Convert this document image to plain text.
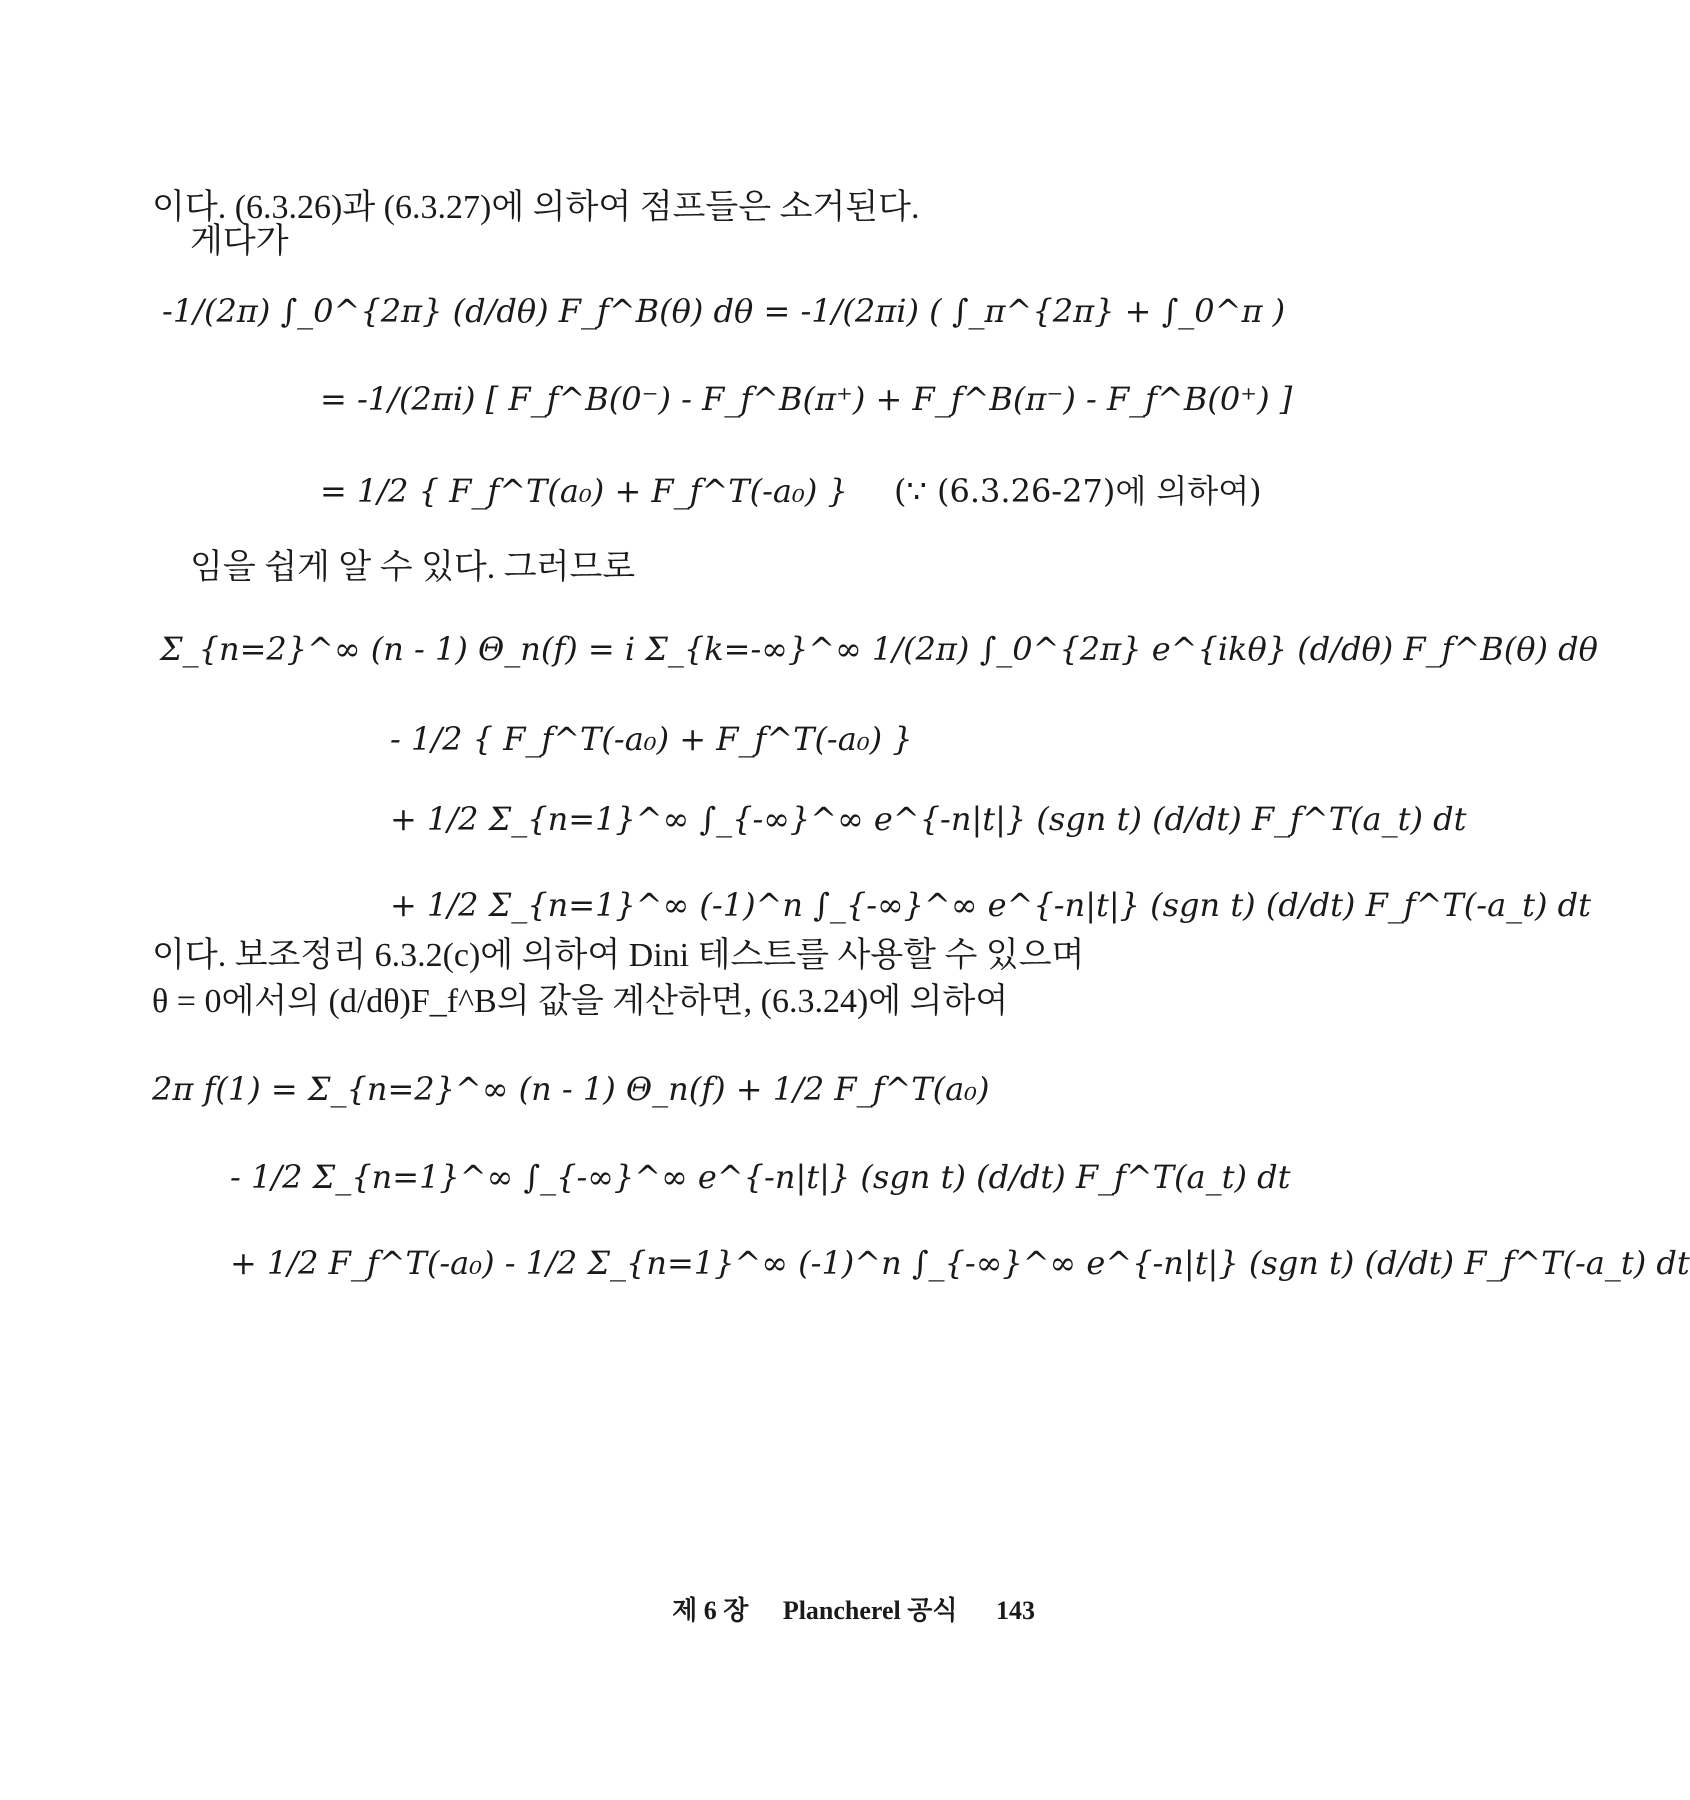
이다. (6.3.26)과 (6.3.27)에 의하여 점프들은 소거된다.
게다가
-1/(2π) ∫_0^{2π} (d/dθ) F_f^B(θ) dθ = -1/(2πi) ( ∫_π^{2π} + ∫_0^π )
= -1/(2πi) [ F_f^B(0⁻) - F_f^B(π⁺) + F_f^B(π⁻) - F_f^B(0⁺) ]
= 1/2 { F_f^T(a₀) + F_f^T(-a₀) } (∵ (6.3.26-27)에 의하여)
임을 쉽게 알 수 있다. 그러므로
Σ_{n=2}^∞ (n - 1) Θ_n(f) = i Σ_{k=-∞}^∞ 1/(2π) ∫_0^{2π} e^{ikθ} (d/dθ) F_f^B(θ) dθ
- 1/2 { F_f^T(-a₀) + F_f^T(-a₀) }
+ 1/2 Σ_{n=1}^∞ ∫_{-∞}^∞ e^{-n|t|} (sgn t) (d/dt) F_f^T(a_t) dt
+ 1/2 Σ_{n=1}^∞ (-1)^n ∫_{-∞}^∞ e^{-n|t|} (sgn t) (d/dt) F_f^T(-a_t) dt
이다. 보조정리 6.3.2(c)에 의하여 Dini 테스트를 사용할 수 있으며
θ = 0에서의 (d/dθ)F_f^B의 값을 계산하면, (6.3.24)에 의하여
2π f(1) = Σ_{n=2}^∞ (n - 1) Θ_n(f) + 1/2 F_f^T(a₀)
- 1/2 Σ_{n=1}^∞ ∫_{-∞}^∞ e^{-n|t|} (sgn t) (d/dt) F_f^T(a_t) dt
+ 1/2 F_f^T(-a₀) - 1/2 Σ_{n=1}^∞ (-1)^n ∫_{-∞}^∞ e^{-n|t|} (sgn t) (d/dt) F_f^T(-a_t) dt
제 6 장 Plancherel 공식 143
